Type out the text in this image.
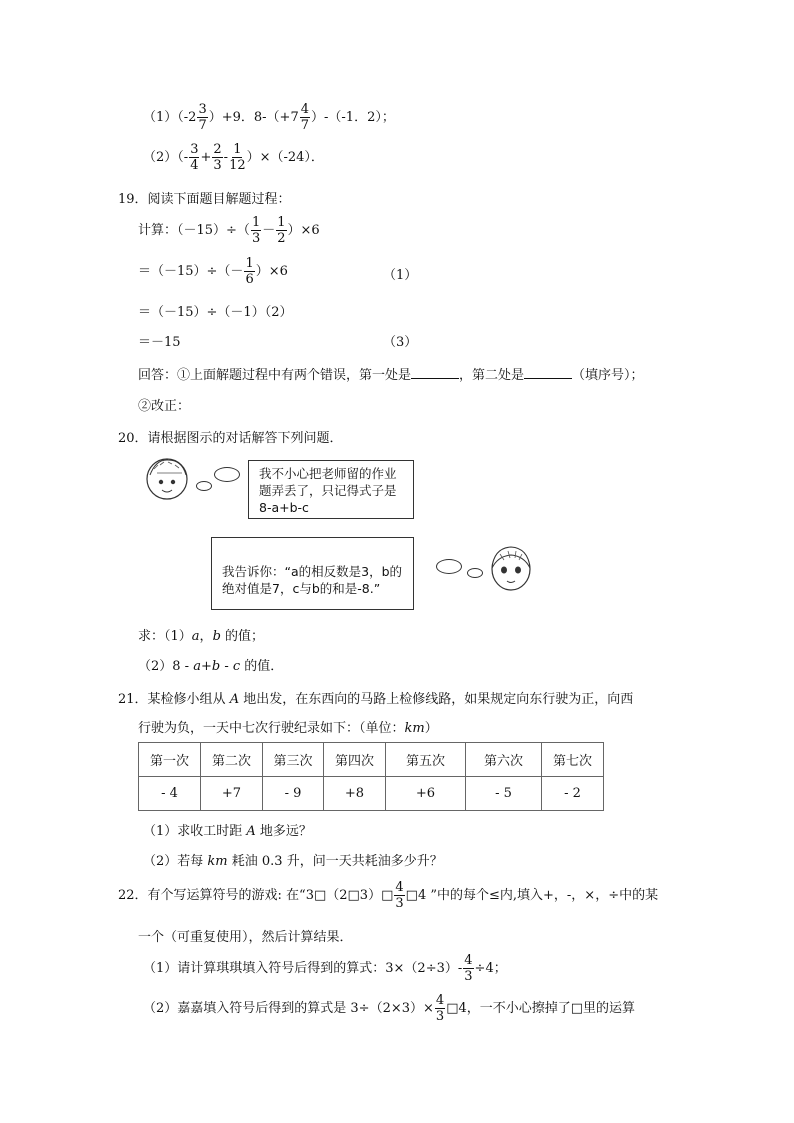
$(1)(-2 \frac{3}{7} )+9$．$8-(+7 \frac{4}{7} )-(-1$．2）；
$(2)(- \frac{3}{4} + \frac{2}{3} - \frac{1}{12} )\times(-24)$．
19．阅读下面题目解题过程：
计算：$(-15)\div( \frac{1}{3} - \frac{1}{2} )\times 6$
$=(-15)\div(- \frac{1}{6} )\times 6$	（1）
＝（－15）÷（－1）（2）
＝－15	（3）
回答：①上面解题过程中有两个错误，第一处是	，第二处是	（填序号）；
②改正：
20．请根据图示的对话解答下列问题．
我不小心把老师留的作业题弄丢了，只记得式子是8-a+b-c
我告诉你：“a的相反数是3，b的绝对值是7，c与b的和是-8.”
求：（1）a，b 的值；
（2）8 - a+b - c 的值．
21．某检修小组从 A 地出发，在东西向的马路上检修线路，如果规定向东行驶为正，向西
行驶为负，一天中七次行驶纪录如下：（单位：km）
第一次	第二次	第三次	第四次	第五次	第六次	第七次
- 4	+7	- 9	+8	+6	- 5	- 2
（1）求收工时距 A 地多远？
（2）若每 km 耗油 0.3 升，问一天共耗油多少升？
22．有个写运算符号的游戏: 在“3□（2□3）□ $\frac{4}{3}$ □4 ”中的每个≤内,填入+，-，×，÷中的某
一个（可重复使用），然后计算结果．
（1）请计算琪琪填入符号后得到的算式：$3\times(2\div 3)- \frac{4}{3} \div 4$；
（2）嘉嘉填入符号后得到的算式是 $3\div(2\times 3)\times \frac{4}{3}$ □4，一不小心擦掉了□里的运算
